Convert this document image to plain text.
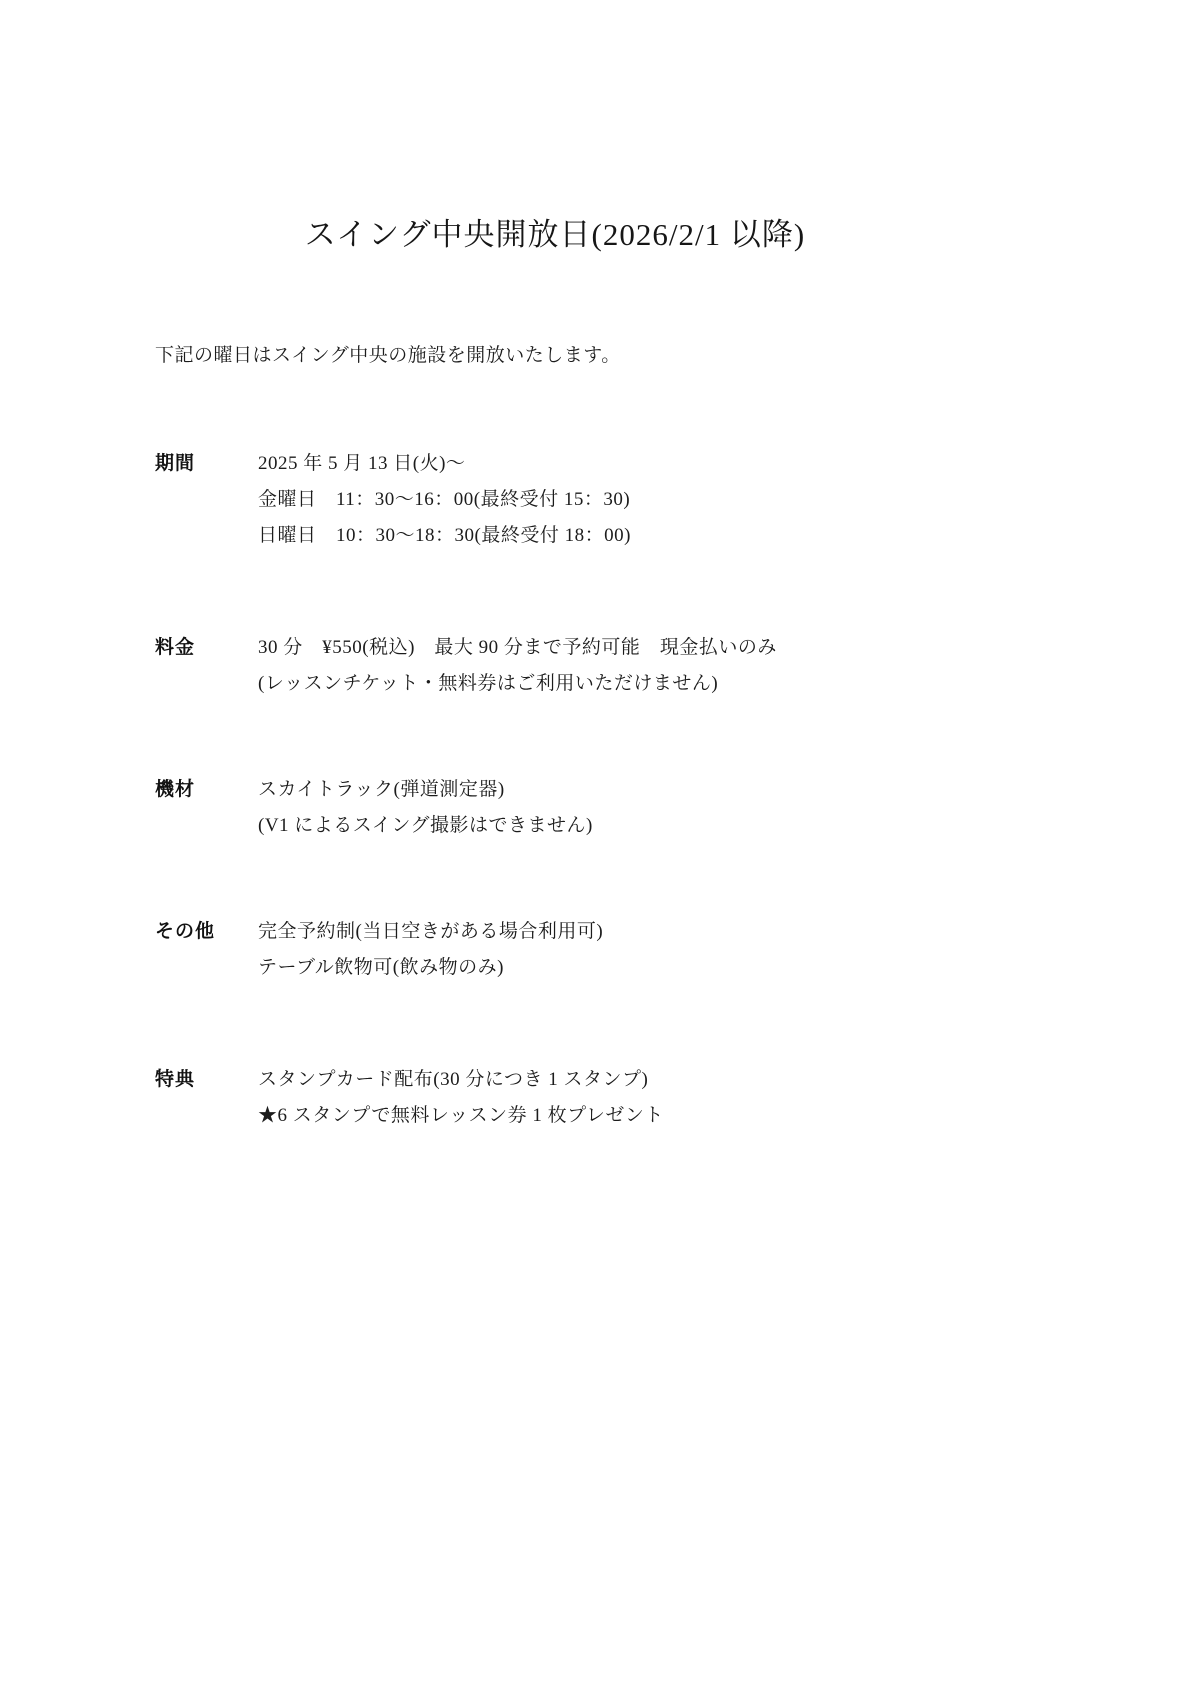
スイング中央開放日(2026/2/1 以降)

下記の曜日はスイング中央の施設を開放いたします。

期間	2025 年 5 月 13 日(火)～
金曜日　11：30～16：00(最終受付 15：30)
日曜日　10：30～18：30(最終受付 18：00)
料金	30 分　¥550(税込)　最大 90 分まで予約可能　現金払いのみ
(レッスンチケット・無料券はご利用いただけません)
機材	スカイトラック(弾道測定器)
(V1 によるスイング撮影はできません)
その他	完全予約制(当日空きがある場合利用可)
テーブル飲物可(飲み物のみ)
特典	スタンプカード配布(30 分につき 1 スタンプ)
★6 スタンプで無料レッスン券 1 枚プレゼント
